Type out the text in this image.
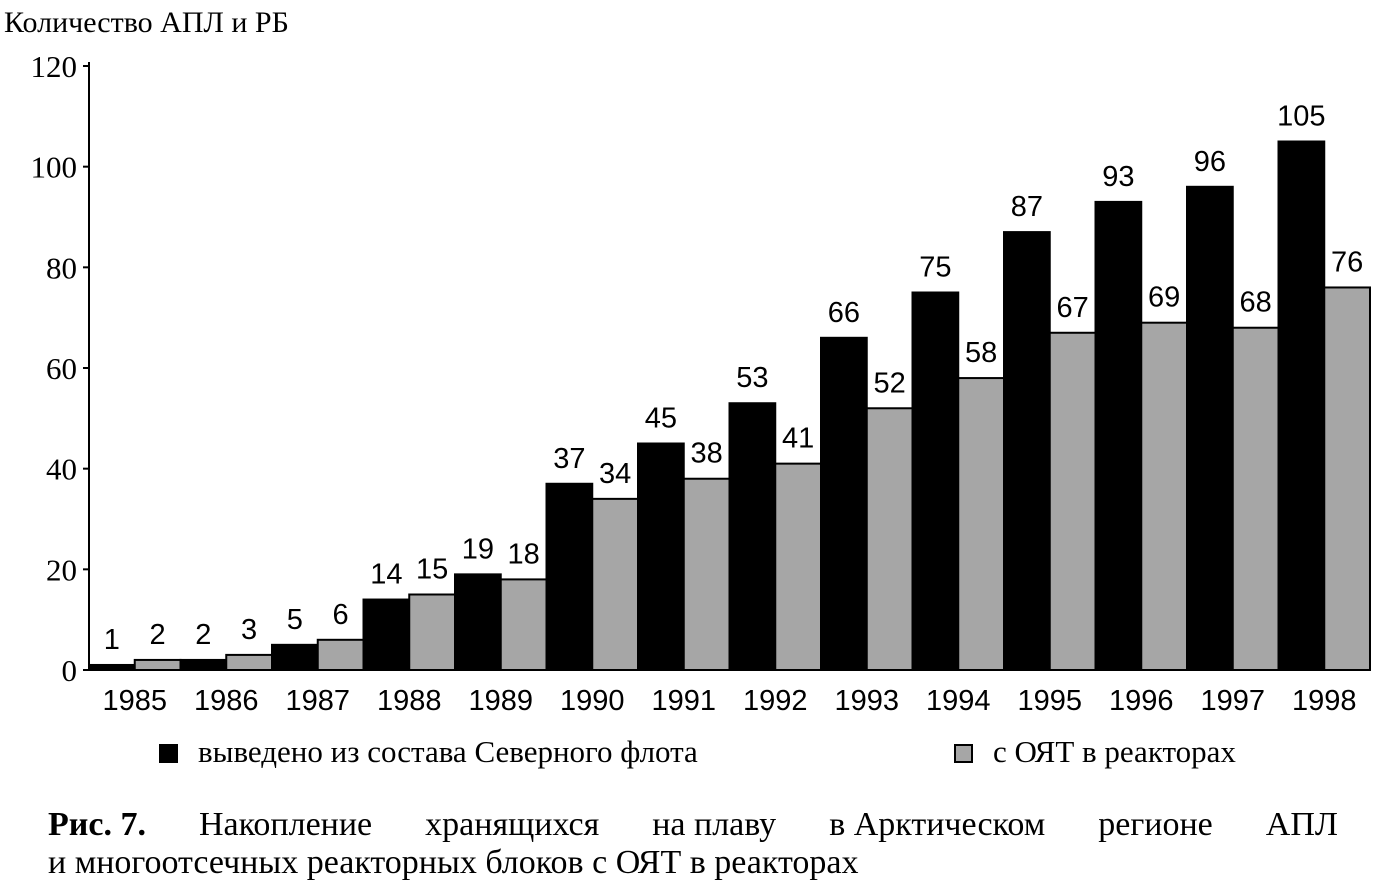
Количество АПЛ и РБ
0
20
40
60
80
100
120
1	2	5
14
19
37
45
53
66
75
87
93 96
105
2	3	6
15 18
34
38 41
52
58
67 69 68
76
1985 1986 1987 1988 1989 1990 1991 1992 1993 1994 1995 1996 1997 1998
выведено из состава Северного флота	с ОЯТ в реакторах
Рис. 7. Накопление хранящихся на плаву в Арктическом регионе АПЛ
и многоотсечных реакторных блоков с ОЯТ в реакторах
